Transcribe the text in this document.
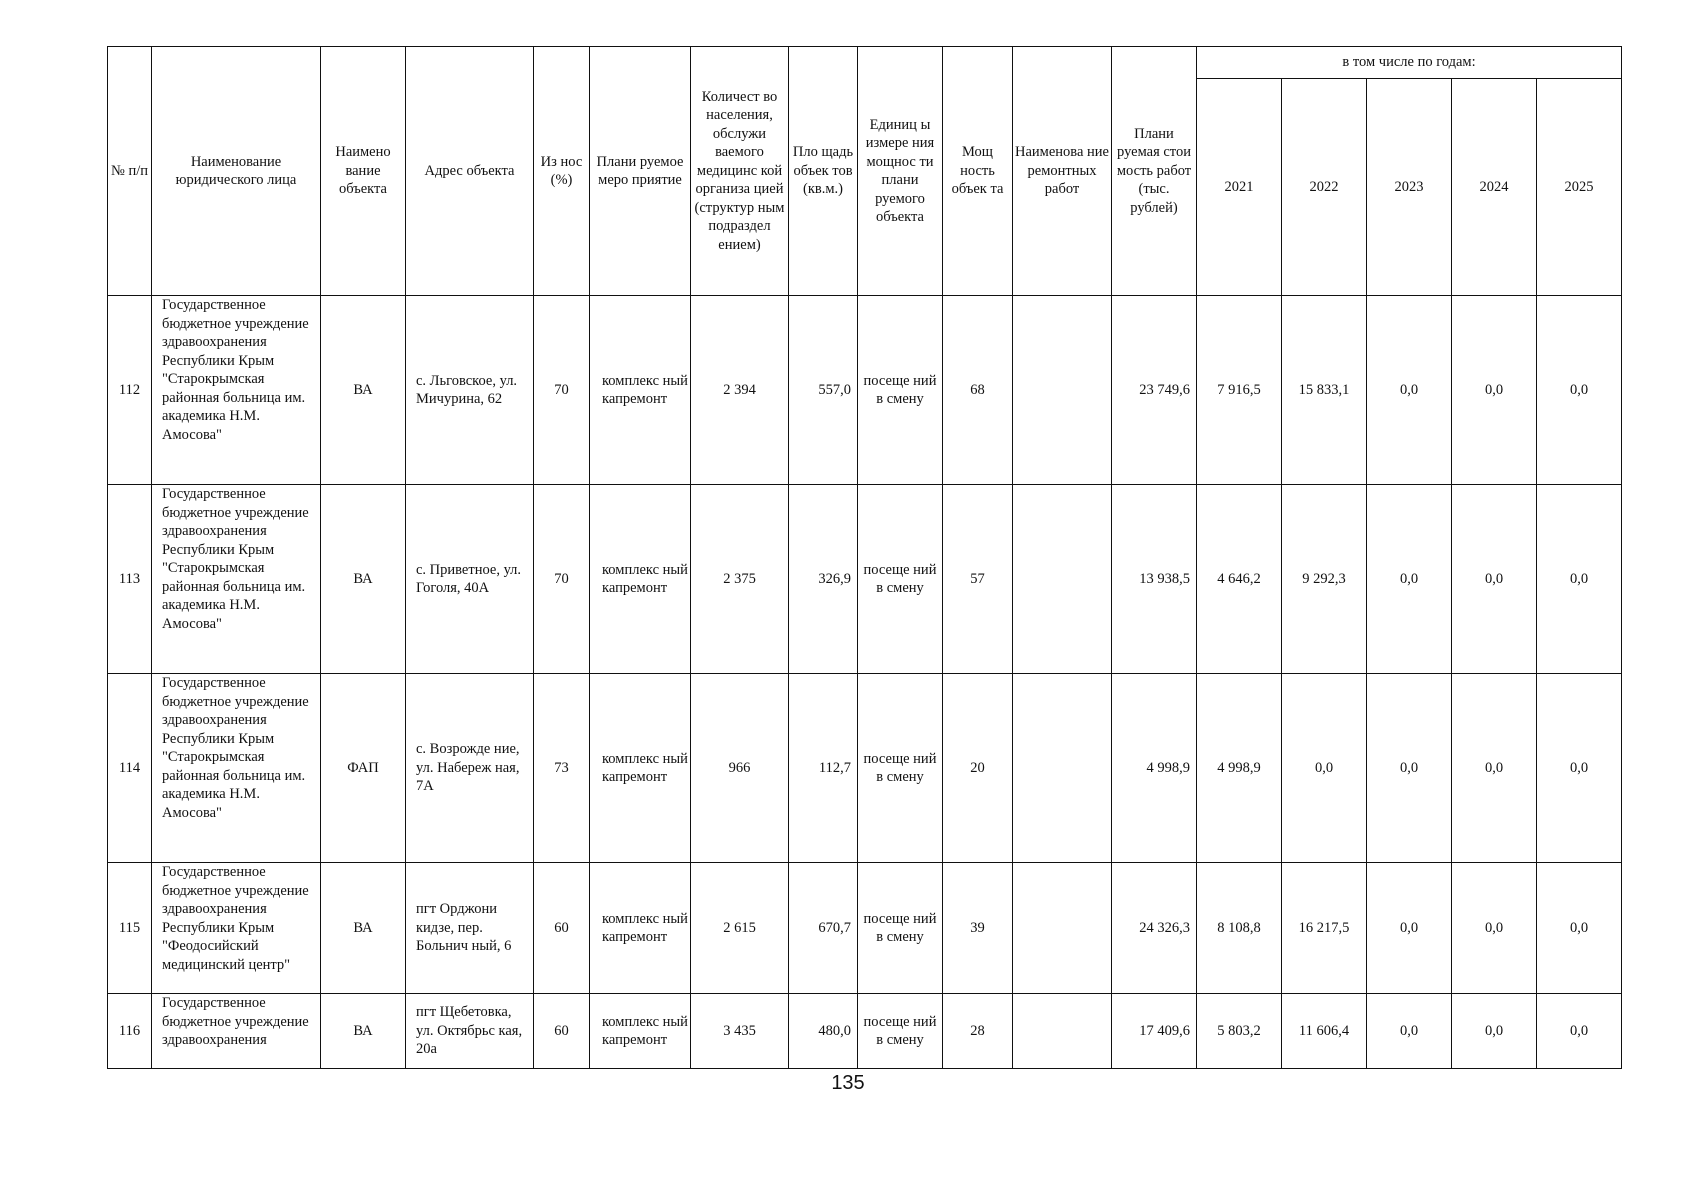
№ п/п	Наименование юридического лица	Наимено вание объекта	Адрес объекта	Из нос (%)	Плани руемое меро приятие	Количест во населения, обслужи ваемого медицинс кой организа цией (структур ным подраздел ением)	Пло щадь объек тов (кв.м.)	Единиц ы измере ния мощнос ти плани руемого объекта	Мощ ность объек та	Наименова ние ремонтных работ	Плани руемая стои мость работ (тыс. рублей)	в том числе по годам:				
												2021	2022	2023	2024	2025
112	Государственное бюджетное учреждение здравоохранения Республики Крым "Старокрымская районная больница им. академика Н.М. Амосова"	ВА	с. Льговское, ул. Мичурина, 62	70	комплекс ный капремонт	2 394	557,0	посеще ний в смену	68		23 749,6	7 916,5	15 833,1	0,0	0,0	0,0
113	Государственное бюджетное учреждение здравоохранения Республики Крым "Старокрымская районная больница им. академика Н.М. Амосова"	ВА	с. Приветное, ул. Гоголя, 40А	70	комплекс ный капремонт	2 375	326,9	посеще ний в смену	57		13 938,5	4 646,2	9 292,3	0,0	0,0	0,0
114	Государственное бюджетное учреждение здравоохранения Республики Крым "Старокрымская районная больница им. академика Н.М. Амосова"	ФАП	с. Возрожде ние, ул. Набереж ная, 7А	73	комплекс ный капремонт	966	112,7	посеще ний в смену	20		4 998,9	4 998,9	0,0	0,0	0,0	0,0
115	Государственное бюджетное учреждение здравоохранения Республики Крым "Феодосийский медицинский центр"	ВА	пгт Орджони кидзе, пер. Больнич ный, 6	60	комплекс ный капремонт	2 615	670,7	посеще ний в смену	39		24 326,3	8 108,8	16 217,5	0,0	0,0	0,0
116	Государственное бюджетное учреждение здравоохранения	ВА	пгт Щебетовка, ул. Октябрьс кая, 20а	60	комплекс ный капремонт	3 435	480,0	посеще ний в смену	28		17 409,6	5 803,2	11 606,4	0,0	0,0	0,0
135
